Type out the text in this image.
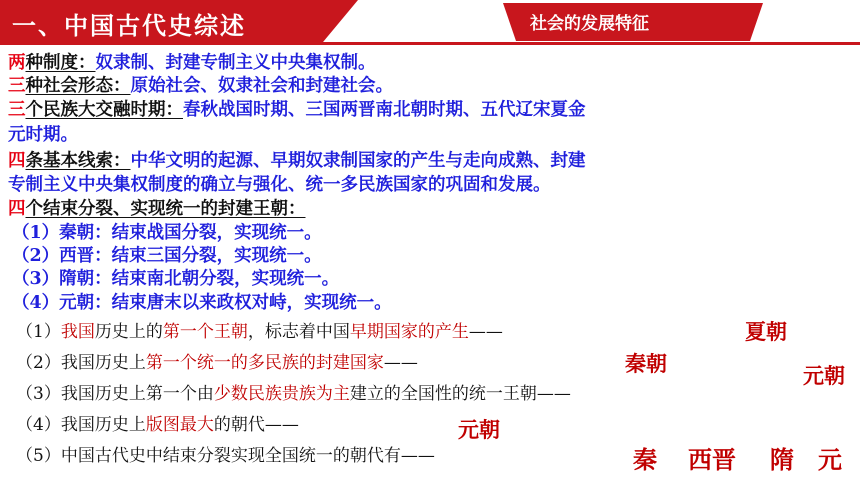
一、中国古代史综述	社会的发展特征
两种制度：奴隶制、封建专制主义中央集权制。
三种社会形态：原始社会、奴隶社会和封建社会。
三个民族大交融时期：春秋战国时期、三国两晋南北朝时期、五代辽宋夏金
元时期。
四条基本线索：中华文明的起源、早期奴隶制国家的产生与走向成熟、封建
专制主义中央集权制度的确立与强化、统一多民族国家的巩固和发展。
四个结束分裂、实现统一的封建王朝：
（1）秦朝：结束战国分裂，实现统一。
（2）西晋：结束三国分裂，实现统一。
（3）隋朝：结束南北朝分裂，实现统一。
（4）元朝：结束唐末以来政权对峙，实现统一。
（1）我国历史上的第一个王朝，标志着中国早期国家的产生——	夏朝
（2）我国历史上第一个统一的多民族的封建国家——	秦朝	元朝
（3）我国历史上第一个由少数民族贵族为主建立的全国性的统一王朝——
（4）我国历史上版图最大的朝代——	元朝
（5）中国古代史中结束分裂实现全国统一的朝代有——	秦 西晋 隋 元
